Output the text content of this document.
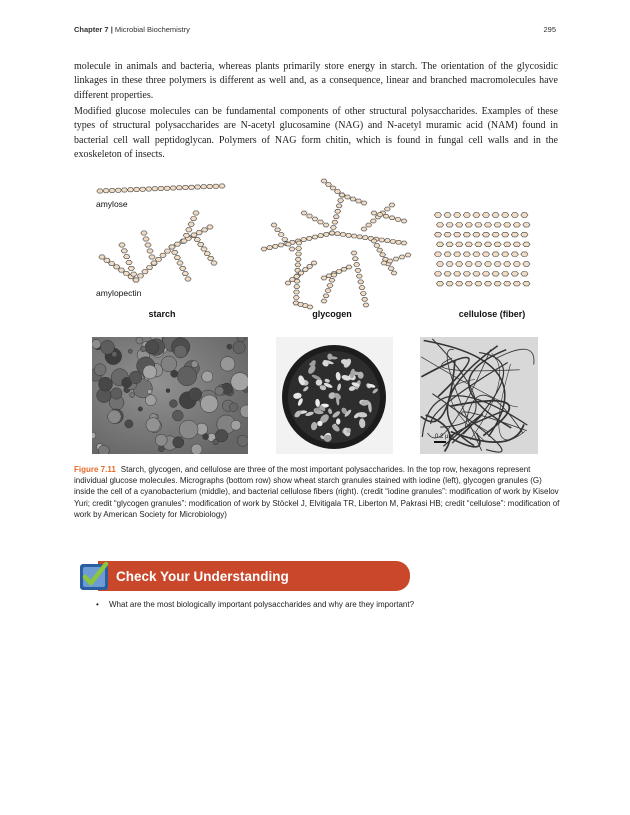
Chapter 7 | Microbial Biochemistry	295

molecule in animals and bacteria, whereas plants primarily store energy in starch. The orientation of the glycosidic linkages in these three polymers is different as well and, as a consequence, linear and branched macromolecules have different properties.

Modified glucose molecules can be fundamental components of other structural polysaccharides. Examples of these types of structural polysaccharides are N-acetyl glucosamine (NAG) and N-acetyl muramic acid (NAM) found in bacterial cell wall peptidoglycan. Polymers of NAG form chitin, which is found in fungal cell walls and in the exoskeleton of insects.

amylose
amylopectin
starch	glycogen	cellulose (fiber)
0.2 µm

Figure 7.11 Starch, glycogen, and cellulose are three of the most important polysaccharides. In the top row, hexagons represent individual glucose molecules. Micrographs (bottom row) show wheat starch granules stained with iodine (left), glycogen granules (G) inside the cell of a cyanobacterium (middle), and bacterial cellulose fibers (right). (credit “iodine granules”: modification of work by Kiselov Yuri; credit “glycogen granules”: modification of work by Stöckel J, Elvitigala TR, Liberton M, Pakrasi HB; credit “cellulose”: modification of work by American Society for Microbiology)

Check Your Understanding
• What are the most biologically important polysaccharides and why are they important?
